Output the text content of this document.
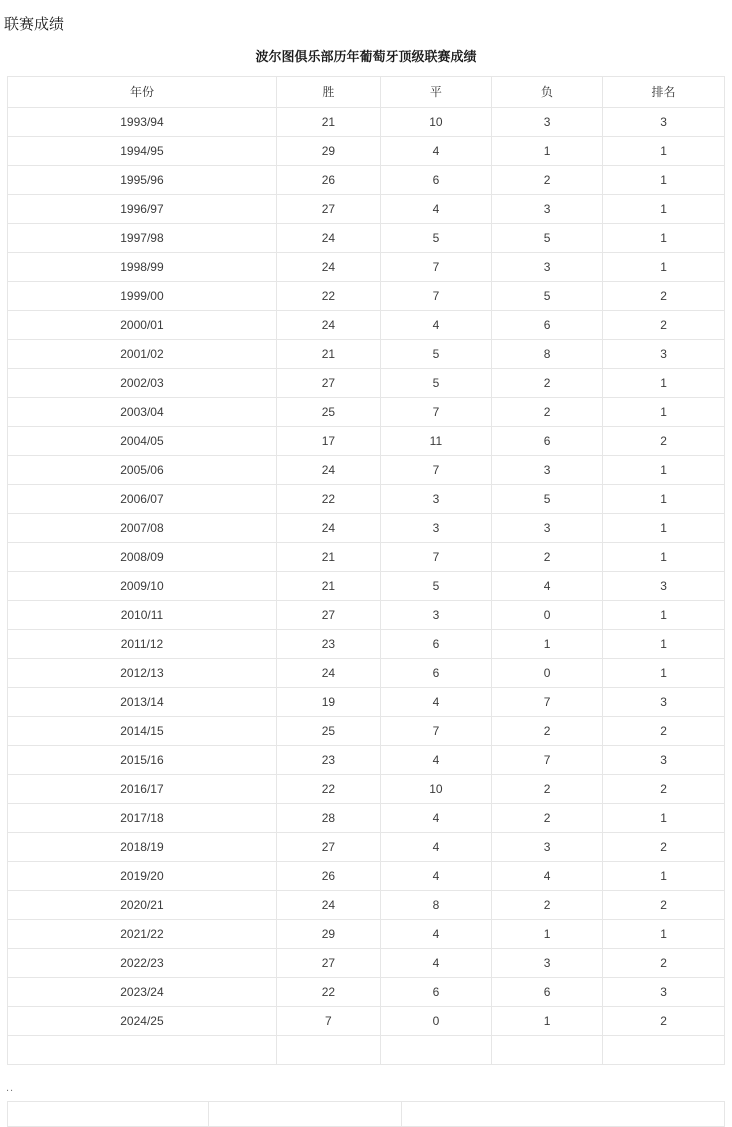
联赛成绩
波尔图俱乐部历年葡萄牙顶级联赛成绩
年份	胜	平	负	排名
1993/94	21	10	3	3
1994/95	29	4	1	1
1995/96	26	6	2	1
1996/97	27	4	3	1
1997/98	24	5	5	1
1998/99	24	7	3	1
1999/00	22	7	5	2
2000/01	24	4	6	2
2001/02	21	5	8	3
2002/03	27	5	2	1
2003/04	25	7	2	1
2004/05	17	11	6	2
2005/06	24	7	3	1
2006/07	22	3	5	1
2007/08	24	3	3	1
2008/09	21	7	2	1
2009/10	21	5	4	3
2010/11	27	3	0	1
2011/12	23	6	1	1
2012/13	24	6	0	1
2013/14	19	4	7	3
2014/15	25	7	2	2
2015/16	23	4	7	3
2016/17	22	10	2	2
2017/18	28	4	2	1
2018/19	27	4	3	2
2019/20	26	4	4	1
2020/21	24	8	2	2
2021/22	29	4	1	1
2022/23	27	4	3	2
2023/24	22	6	6	3
2024/25	7	0	1	2

..
